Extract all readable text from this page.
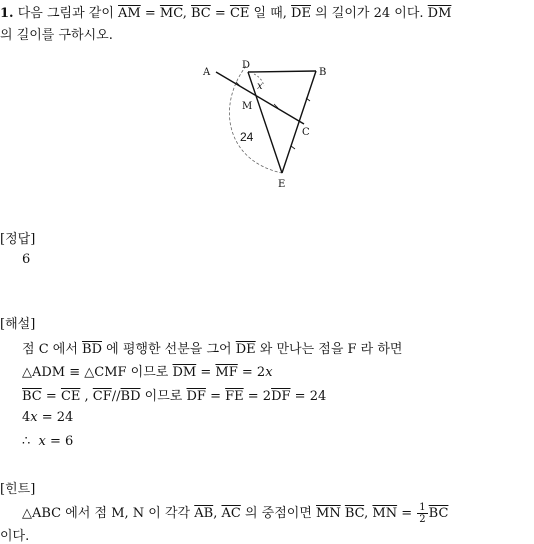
1. 다음 그림과 같이 $\overline{AM} = \overline{MC}$, $\overline{BC} = \overline{CE}$ 일 때, $\overline{DE}$ 의 길이가 24 이다. $\overline{DM}$
의 길이를 구하시오.
A
D
B
M
C
E
x
24
[정답]
6
[해설]
점 C 에서 $\overline{BD}$ 에 평행한 선분을 그어 $\overline{DE}$ 와 만나는 점을 F 라 하면
△ADM ≡ △CMF 이므로 $\overline{DM} = \overline{MF} = 2x$
$\overline{BC} = \overline{CE}$ , $\overline{CF}//\overline{BD}$ 이므로 $\overline{DF} = \overline{FE} = 2\overline{DF} = 24$
4x = 24
∴ x = 6
[힌트]
△ABC 에서 점 M, N 이 각각 $\overline{AB}$, $\overline{AC}$ 의 중점이면 $\overline{MN}$ $\overline{BC}$, $\overline{MN} = \frac{1}{2} \overline{BC}$
이다.
